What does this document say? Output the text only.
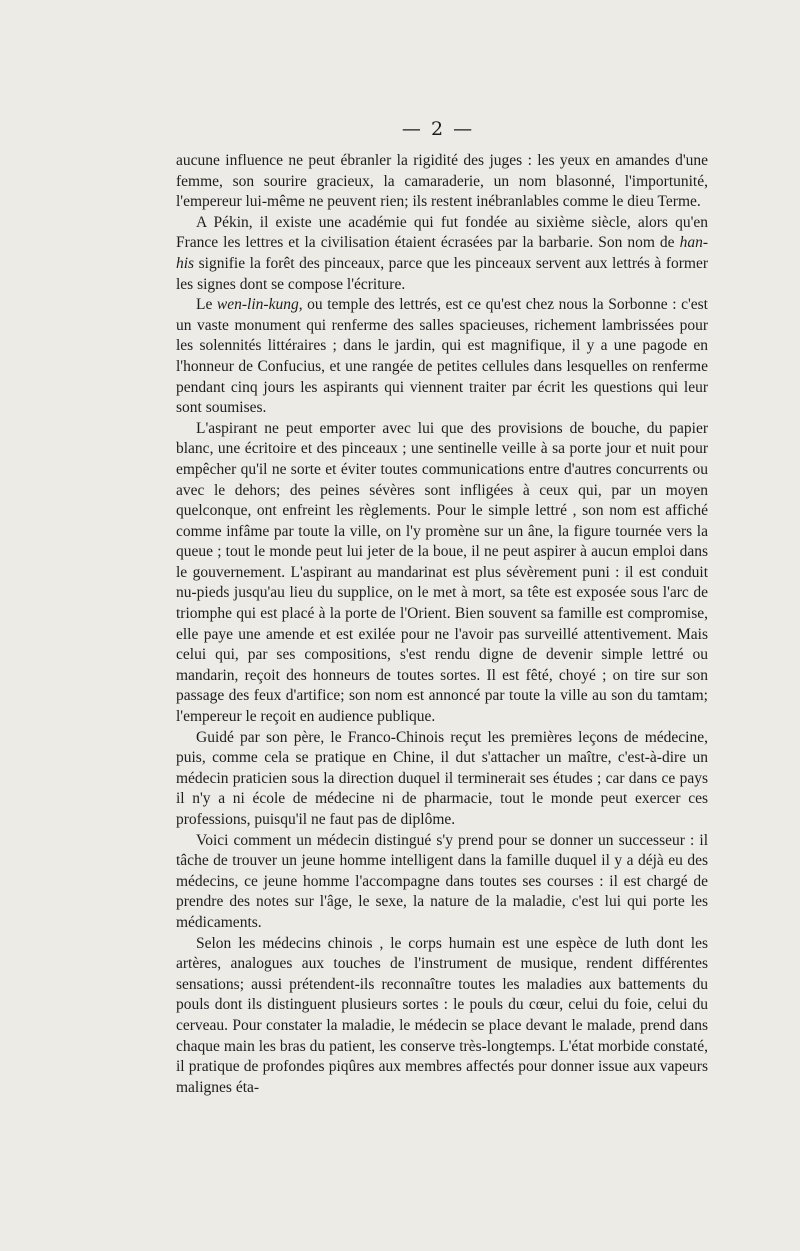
— 2 —

aucune influence ne peut ébranler la rigidité des juges : les yeux en amandes d'une femme, son sourire gracieux, la camaraderie, un nom blasonné, l'importunité, l'empereur lui-même ne peuvent rien; ils restent inébranlables comme le dieu Terme.

A Pékin, il existe une académie qui fut fondée au sixième siècle, alors qu'en France les lettres et la civilisation étaient écrasées par la barbarie. Son nom de han-his signifie la forêt des pinceaux, parce que les pinceaux servent aux lettrés à former les signes dont se compose l'écriture.

Le wen-lin-kung, ou temple des lettrés, est ce qu'est chez nous la Sorbonne : c'est un vaste monument qui renferme des salles spacieuses, richement lambrissées pour les solennités littéraires ; dans le jardin, qui est magnifique, il y a une pagode en l'honneur de Confucius, et une rangée de petites cellules dans lesquelles on renferme pendant cinq jours les aspirants qui viennent traiter par écrit les questions qui leur sont soumises.

L'aspirant ne peut emporter avec lui que des provisions de bouche, du papier blanc, une écritoire et des pinceaux ; une sentinelle veille à sa porte jour et nuit pour empêcher qu'il ne sorte et éviter toutes communications entre d'autres concurrents ou avec le dehors; des peines sévères sont infligées à ceux qui, par un moyen quelconque, ont enfreint les règlements. Pour le simple lettré , son nom est affiché comme infâme par toute la ville, on l'y promène sur un âne, la figure tournée vers la queue ; tout le monde peut lui jeter de la boue, il ne peut aspirer à aucun emploi dans le gouvernement. L'aspirant au mandarinat est plus sévèrement puni : il est conduit nu-pieds jusqu'au lieu du supplice, on le met à mort, sa tête est exposée sous l'arc de triomphe qui est placé à la porte de l'Orient. Bien souvent sa famille est compromise, elle paye une amende et est exilée pour ne l'avoir pas surveillé attentivement. Mais celui qui, par ses compositions, s'est rendu digne de devenir simple lettré ou mandarin, reçoit des honneurs de toutes sortes. Il est fêté, choyé ; on tire sur son passage des feux d'artifice; son nom est annoncé par toute la ville au son du tamtam; l'empereur le reçoit en audience publique.

Guidé par son père, le Franco-Chinois reçut les premières leçons de médecine, puis, comme cela se pratique en Chine, il dut s'attacher un maître, c'est-à-dire un médecin praticien sous la direction duquel il terminerait ses études ; car dans ce pays il n'y a ni école de médecine ni de pharmacie, tout le monde peut exercer ces professions, puisqu'il ne faut pas de diplôme.

Voici comment un médecin distingué s'y prend pour se donner un successeur : il tâche de trouver un jeune homme intelligent dans la famille duquel il y a déjà eu des médecins, ce jeune homme l'accompagne dans toutes ses courses : il est chargé de prendre des notes sur l'âge, le sexe, la nature de la maladie, c'est lui qui porte les médicaments.

Selon les médecins chinois , le corps humain est une espèce de luth dont les artères, analogues aux touches de l'instrument de musique, rendent différentes sensations; aussi prétendent-ils reconnaître toutes les maladies aux battements du pouls dont ils distinguent plusieurs sortes : le pouls du cœur, celui du foie, celui du cerveau. Pour constater la maladie, le médecin se place devant le malade, prend dans chaque main les bras du patient, les conserve très-longtemps. L'état morbide constaté, il pratique de profondes piqûres aux membres affectés pour donner issue aux vapeurs malignes éta-
